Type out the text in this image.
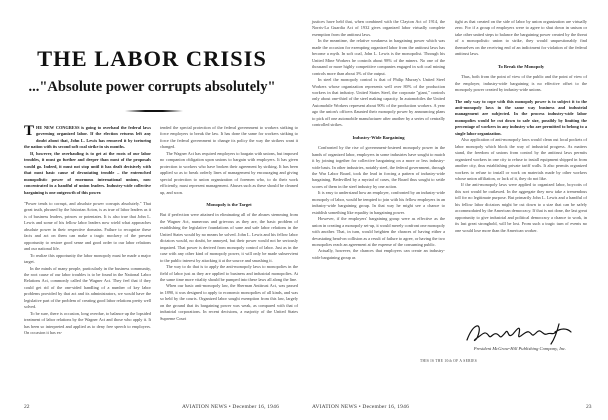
THE LABOR CRISIS
..."Absolute power corrupts absolutely"

THE NEW CONGRESS is going to overhaul the federal laws governing organized labor. If the election returns left any doubt about that, John L. Lewis has removed it by torturing the nation with its second soft coal strike in six months.

If, however, the overhauling is to get at the roots of our labor troubles, it must go further and deeper than most of the proposals would go. Indeed, it must not stop until it has dealt decisively with that most basic cause of devastating trouble – the entrenched monopolistic power of enormous international unions, now concentrated in a handful of union leaders. Industry-wide collective bargaining is one outgrowth of this power.

"Power tends to corrupt, and absolute power corrupts absolutely." That great truth, phrased by the historian Acton, is as true of labor leaders as it is of business leaders, princes or potentates. It is also true that John L. Lewis and some of his fellow labor leaders now wield what approaches absolute power in their respective domains. Failure to recognize these facts and act on them can make a tragic mockery of the present opportunity to restore good sense and good order to our labor relations and our national life.

To realize this opportunity the labor monopoly must be made a major target.

In the minds of many people, particularly in the business community, the root cause of our labor troubles is to be found in the National Labor Relations Act, commonly called the Wagner Act. They feel that if they could get rid of the one-sided handling of a number of key labor problems provided by that act and its administrators, we would have the legislative part of the problem of creating good labor relations pretty well solved.

To be sure, there is occasion, long overdue, to balance up the lopsided treatment of labor relations by the Wagner Act and those who apply it. It has been so interpreted and applied as to deny free speech to employers. On occasion it has ex-

tended the special protection of the federal government to workers striking to force employers to break the law. It has done the same for workers striking to force the federal government to change its policy the way the strikers want it changed.

The Wagner Act has required employers to bargain with unions, but imposed no companion obligation upon unions to bargain with employers. It has given protection to workers who have broken their agreement by striking. It has been applied so as to break orderly lines of management by encouraging and giving special protection to union organization of foremen who, to do their work efficiently, must represent management. Abuses such as these should be cleaned up, and soon.

Monopoly is the Target

But if perfection were attained in eliminating all of the abuses stemming from the Wagner Act, numerous and grievous as they are, the basic problem of establishing the legislative foundations of sane and safe labor relations in the United States would by no means be solved. John L. Lewis and his fellow labor dictators would, no doubt, be annoyed, but their power would not be seriously impaired. That power is derived from monopoly control of labor. Just as in the case with any other kind of monopoly power, it will only be made subservient to the public interest by attacking it at the source and smashing it.

The way to do that is to apply the anti-monopoly laws to monopolies in the field of labor just as they are applied to business and industrial monopolies. At the same time more vitality should be pumped into these laws all along the line.

When our basic anti-monopoly law, the Sherman Antitrust Act, was passed in 1890, it was designed to apply to economic monopolies of all kinds, and was so held by the courts. Organized labor sought exemption from this law, largely on the ground that its bargaining power was weak, as compared with that of industrial corporations. In recent decisions, a majority of the United States Supreme Court

22	AVIATION NEWS • December 16, 1946

justices have held that, when combined with the Clayton Act of 1914, the Norris-La Guardia Act of 1932 gives organized labor virtually complete exemption from the antitrust laws.

In the meantime, the relative weakness in bargaining power which was made the occasion for exempting organized labor from the antitrust laws has become a myth. In soft coal, John L. Lewis is the monopolist. Through his United Mine Workers he controls about 98% of the miners. No one of the thousand or more highly competitive companies engaged in soft coal mining controls more than about 3% of the output.

In steel the monopoly control is that of Philip Murray's United Steel Workers whose organization represents well over 80% of the production workers in that industry. United States Steel, the corporate "giant," controls only about one-third of the steel making capacity. In automobiles the United Automobile Workers represent about 90% of the production workers. A year ago the union's officers flaunted their monopoly power by announcing plans to pick off one automobile manufacturer after another by a series of centrally controlled strikes.

Industry-Wide Bargaining

Confronted by the rise of government-fostered monopoly power in the hands of organized labor, employers in some industries have sought to match it by joining together for collective bargaining on a more or less industry-wide basis. In other industries, notably steel, the federal government, through the War Labor Board, took the lead in forcing a pattern of industry-wide bargaining. Bedevilled by a myriad of cases, the Board thus sought to settle scores of them in the steel industry by one action.

It is easy to understand how an employer, confronted by an industry-wide monopoly of labor, would be tempted to join with his fellow employers in an industry-wide bargaining group. In that way he might see a chance to establish something like equality in bargaining power.

However, if the employers' bargaining group were as effective as the union in creating a monopoly set-up, it would merely confront one monopoly with another. That, in turn, would heighten the chances of having either a devastating head-on collision as a result of failure to agree, or having the two monopolies reach an agreement at the expense of the consuming public.

Actually, however, the chances that employers can create an industry-wide bargaining group as

tight as that created on the side of labor by union organization are virtually zero. For if a group of employers were to agree to shut down in unison or take other united steps to balance the bargaining power created by the threat of a monopolistic union to strike, they would unquestionably find themselves on the receiving end of an indictment for violation of the federal antitrust laws.

To Break the Monopoly

Thus, both from the point of view of the public and the point of view of the employer, industry-wide bargaining is no effective offset to the monopoly power created by industry-wide unions.

The only way to cope with this monopoly power is to subject it to the anti-monopoly laws in the same way business and industrial management are subjected. In the process industry-wide labor monopolies would be cut down to safe size, possibly by limiting the percentage of workers in any industry who are permitted to belong to a single labor organization.

Also application of anti-monopoly laws would clean out local pockets of labor monopoly which block the way of industrial progress. As matters stand, the freedom of unions from control by the antitrust laws permits organized workers in one city to refuse to install equipment shipped in from another city, thus establishing private tariff walls. It also permits organized workers to refuse to install or work on materials made by other workers whose union affiliation, or lack of it, they do not like.

If the anti-monopoly laws were applied to organized labor, boycotts of this sort would be outlawed. In the aggregate they now take a tremendous toll for no legitimate purpose. But primarily John L. Lewis and a handful of his fellow labor dictators might be cut down to a size that can be safely accommodated by the American democracy. If that is not done, the last great opportunity to give industrial and political democracy a chance to work, in its last great stronghold, will be lost. From such a tragic turn of events no one would lose more than the American worker.

President McGraw-Hill Publishing Company, Inc.
THIS IS THE 10th OF A SERIES
AVIATION NEWS • December 16, 1946	23
